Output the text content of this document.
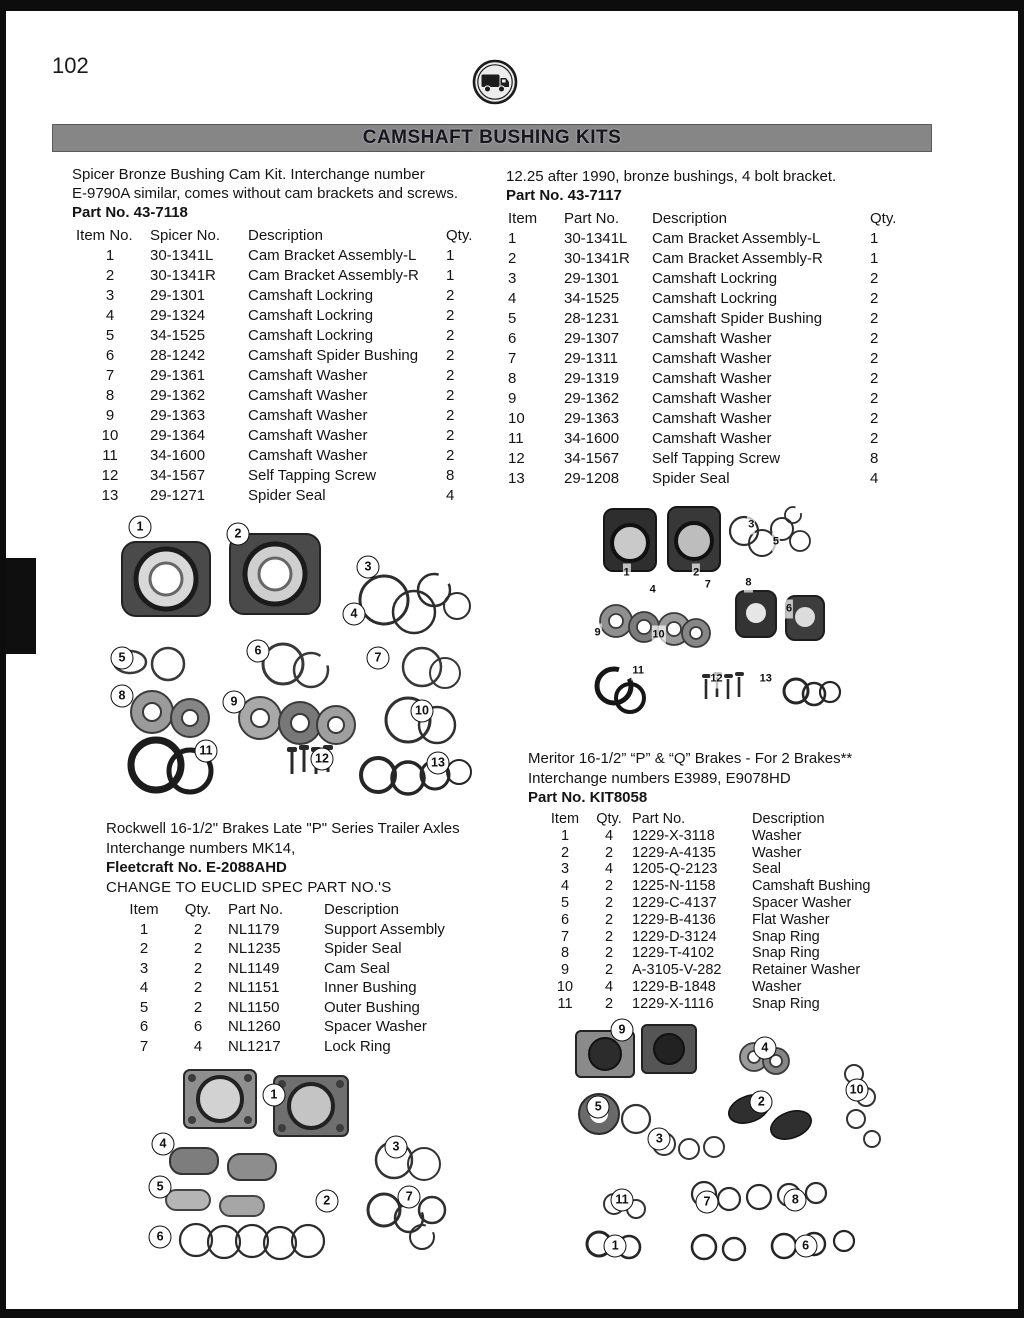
102
CAMSHAFT BUSHING KITS
Spicer Bronze Bushing Cam Kit. Interchange number
E-9790A similar, comes without cam brackets and screws.
Part No. 43-7118
Item No.	Spicer No.	Description	Qty.
1	30-1341L	Cam Bracket Assembly-L	1
2	30-1341R	Cam Bracket Assembly-R	1
3	29-1301	Camshaft Lockring	2
4	29-1324	Camshaft Lockring	2
5	34-1525	Camshaft Lockring	2
6	28-1242	Camshaft Spider Bushing	2
7	29-1361	Camshaft Washer	2
8	29-1362	Camshaft Washer	2
9	29-1363	Camshaft Washer	2
10	29-1364	Camshaft Washer	2
11	34-1600	Camshaft Washer	2
12	34-1567	Self Tapping Screw	8
13	29-1271	Spider Seal	4
1
2
3
4
5
6
7
8	9
10
11
12	13
Rockwell 16-1/2" Brakes Late "P" Series Trailer Axles
Interchange numbers MK14,
Fleetcraft No. E-2088AHD
CHANGE TO EUCLID SPEC PART NO.'S
Item	Qty.	Part No.	Description
1	2	NL1179	Support Assembly
2	2	NL1235	Spider Seal
3	2	NL1149	Cam Seal
4	2	NL1151	Inner Bushing
5	2	NL1150	Outer Bushing
6	6	NL1260	Spacer Washer
7	4	NL1217	Lock Ring
1
4	3
5
2	7
6
12.25 after 1990, bronze bushings, 4 bolt bracket.
Part No. 43-7117
Item	Part No.	Description	Qty.
1	30-1341L	Cam Bracket Assembly-L	1
2	30-1341R	Cam Bracket Assembly-R	1
3	29-1301	Camshaft Lockring	2
4	34-1525	Camshaft Lockring	2
5	28-1231	Camshaft Spider Bushing	2
6	29-1307	Camshaft Washer	2
7	29-1311	Camshaft Washer	2
8	29-1319	Camshaft Washer	2
9	29-1362	Camshaft Washer	2
10	29-1363	Camshaft Washer	2
11	34-1600	Camshaft Washer	2
12	34-1567	Self Tapping Screw	8
13	29-1208	Spider Seal	4
1	2
3
5
4	7	8
6
9	10
11
12	13
Meritor 16-1/2” “P” & “Q” Brakes - For 2 Brakes**
Interchange numbers E3989, E9078HD
Part No. KIT8058
Item	Qty.	Part No.	Description
1	4	1229-X-3118	Washer
2	2	1229-A-4135	Washer
3	4	1205-Q-2123	Seal
4	2	1225-N-1158	Camshaft Bushing
5	2	1229-C-4137	Spacer Washer
6	2	1229-B-4136	Flat Washer
7	2	1229-D-3124	Snap Ring
8	2	1229-T-4102	Snap Ring
9	2	A-3105-V-282	Retainer Washer
10	4	1229-B-1848	Washer
11	2	1229-X-1116	Snap Ring
9
4
10
5	2
3
11	7	8
1	6
